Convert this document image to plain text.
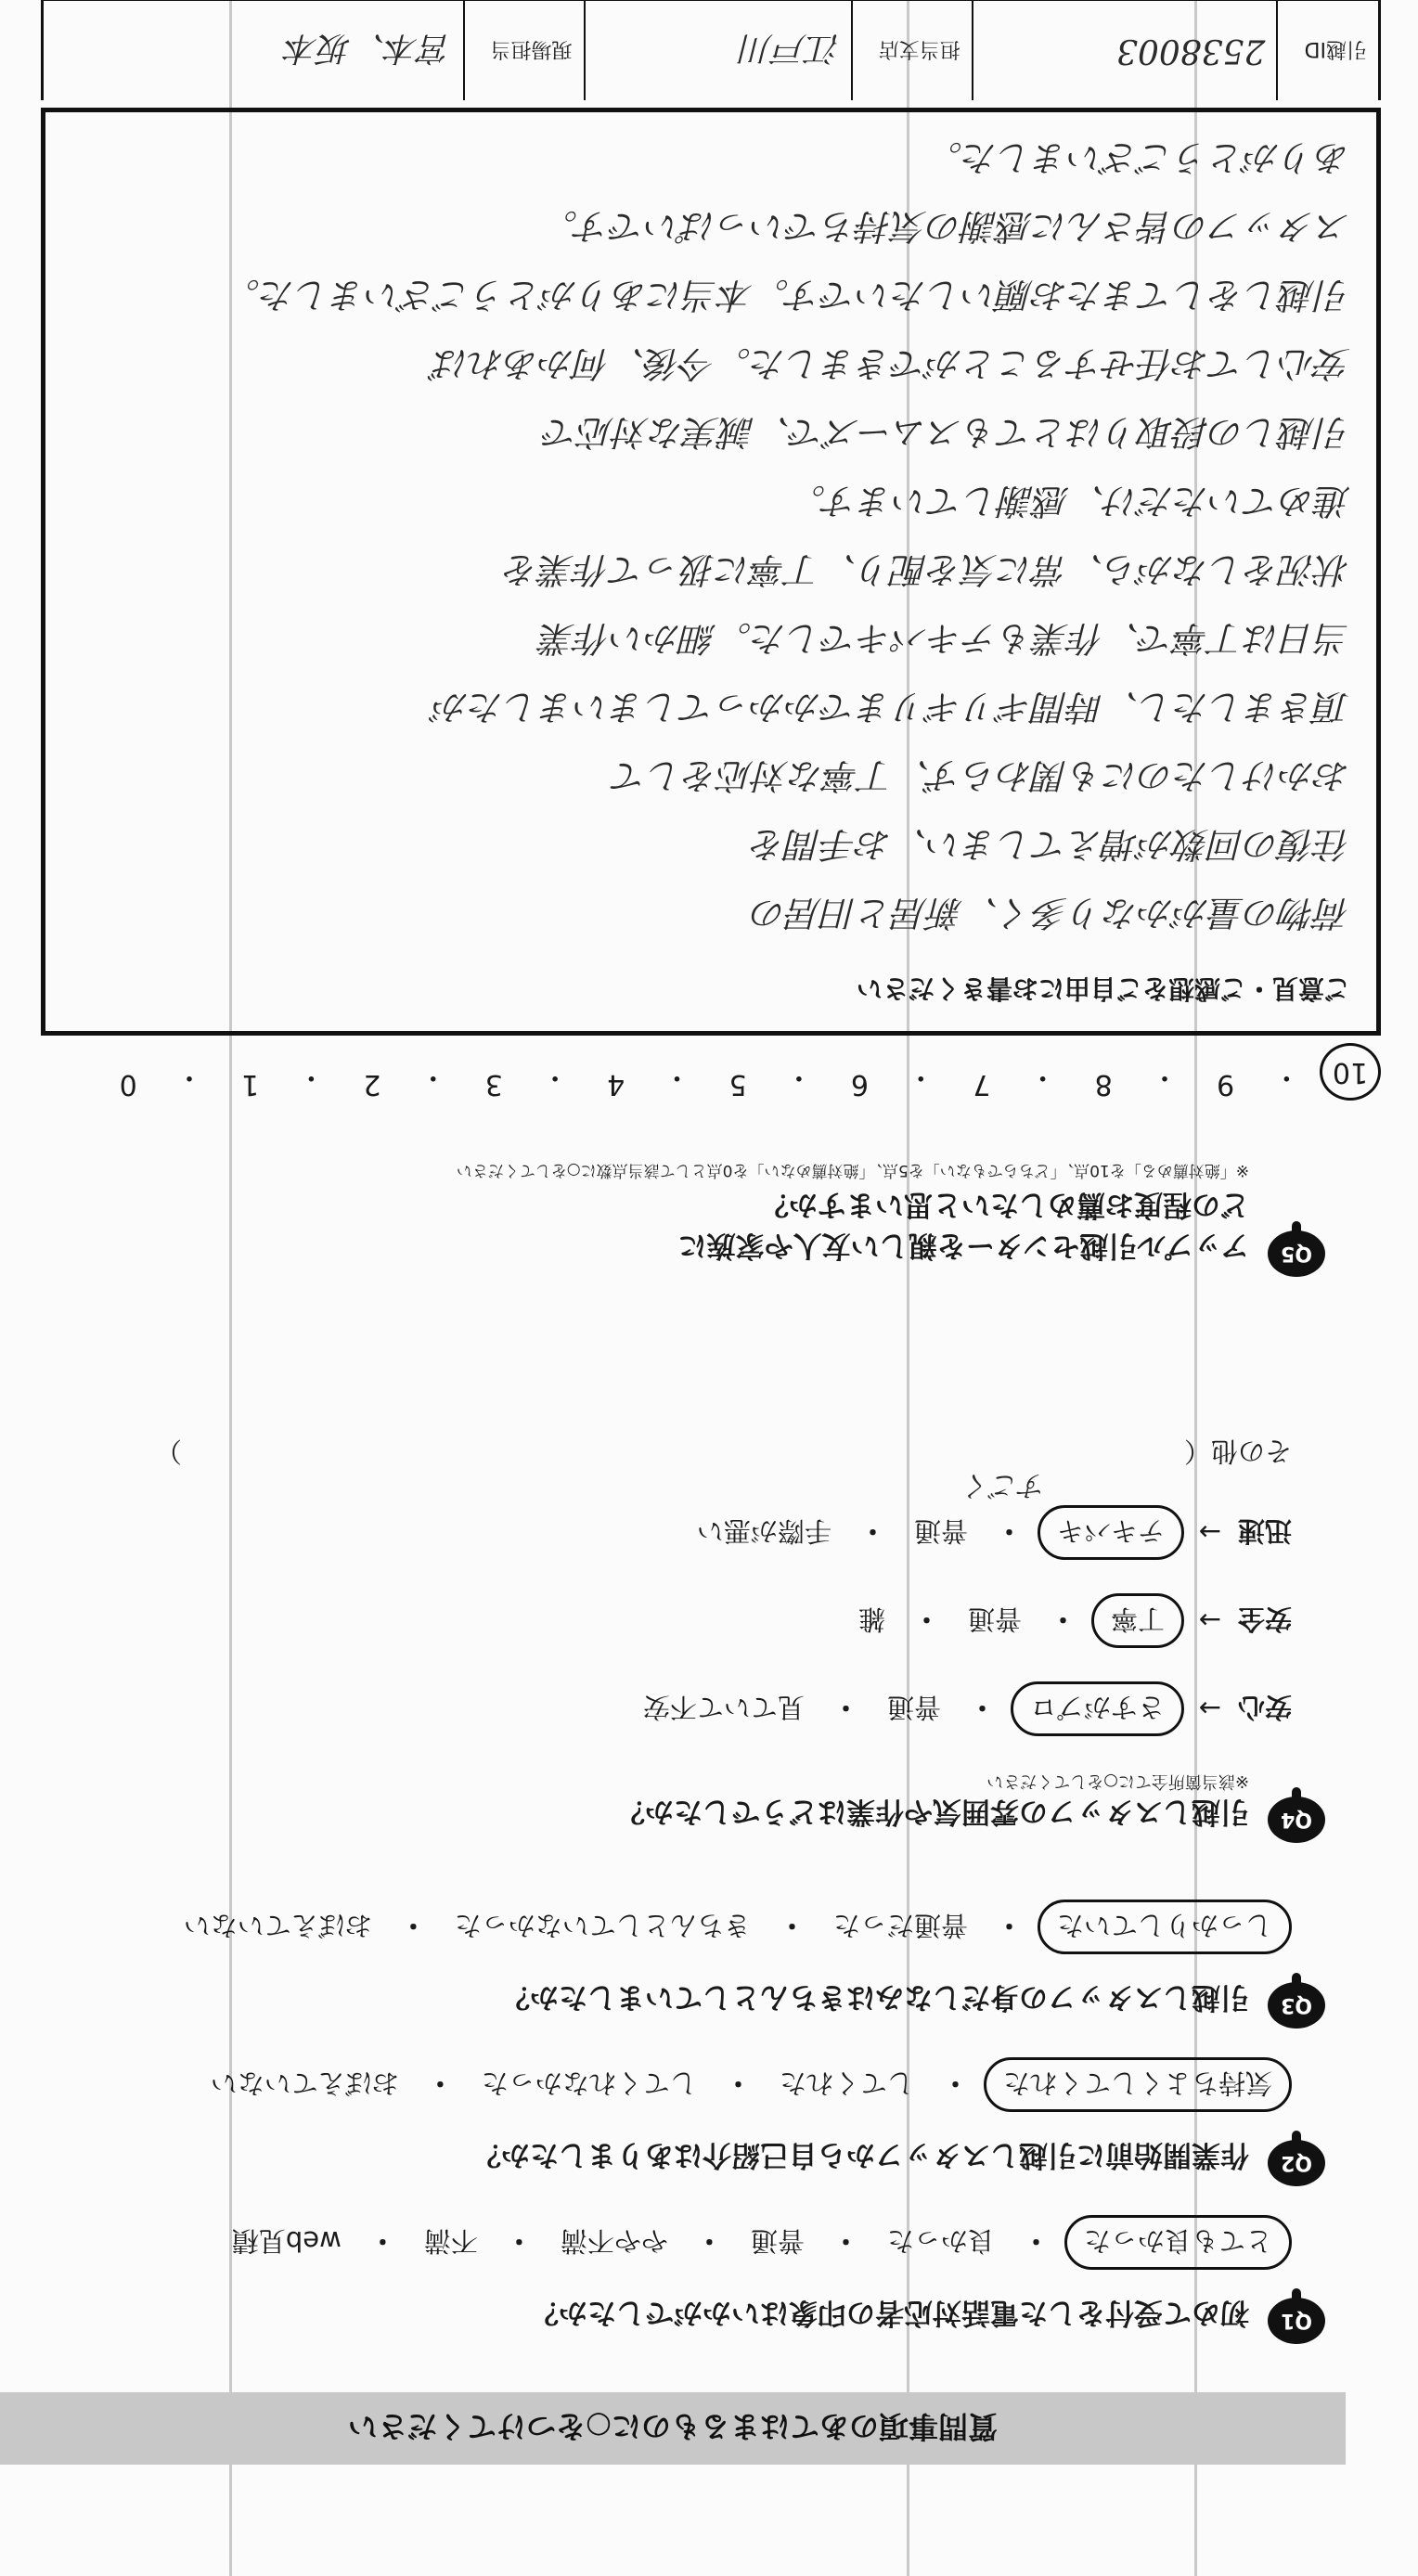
質問事項のあてはまるものに○をつけてください
Q1
初めて受付をした電話対応者の印象はいかがでしたか？
とても良かった
・
良かった
・
普通
・
やや不満
・
不満
・
web見積
Q2
作業開始前に引越しスタッフから自己紹介はありましたか？
気持ちよくしてくれた
・
してくれた
・
してくれなかった
・
おぼえていない
Q3
引越しスタッフの身だしなみはきちんとしていましたか？
しっかりしていた
・
普通だった
・
きちんとしていなかった
・
おぼえていない
Q4
引越しスタッフの雰囲気や作業はどうでしたか？
※該当箇所全てに○をしてください
安心
→
さすがプロ
・
普通
・
見ていて不安
安全
→
丁寧
・
普通
・
雑
迅速
→
テキパキ
・
普通
・
手際が悪い
すごく
その他（
）
Q5
アップル引越センターを親しい友人や家族に
どの程度お薦めしたいと思いますか？
※「絶対薦める」を10点、「どちらでもない」を5点、「絶対薦めない」を0点として該当点数に○をしてください
10
・
9
・
8
・
7
・
6
・
5
・
4
・
3
・
2
・
1
・
0
ご意見・ご感想をご自由にお書きください
荷物の量がかなり多く、新居と旧居の
往復の回数が増えてしまい、お手間を
おかけしたのにも関わらず、丁寧な対応をして
頂きましたし、時間ギリギリまでかかってしまいましたが
当日は丁寧で、作業もテキパキでした。細かい作業
状況をしながら、常に気を配り、丁寧に扱って作業を
進めていただけ、感謝しています。
引越しの段取りはとてもスムーズで、誠実な対応で
安心してお任せすることができました。今後、何かあれば
引越しをしてまたお願いしたいです。本当にありがとうございました。
スタッフの皆さんに感謝の気持ちでいっぱいです。
ありがとうございました。
引越ID
2538003
担当支店
江戸川
現場担当
宮本、坂本
